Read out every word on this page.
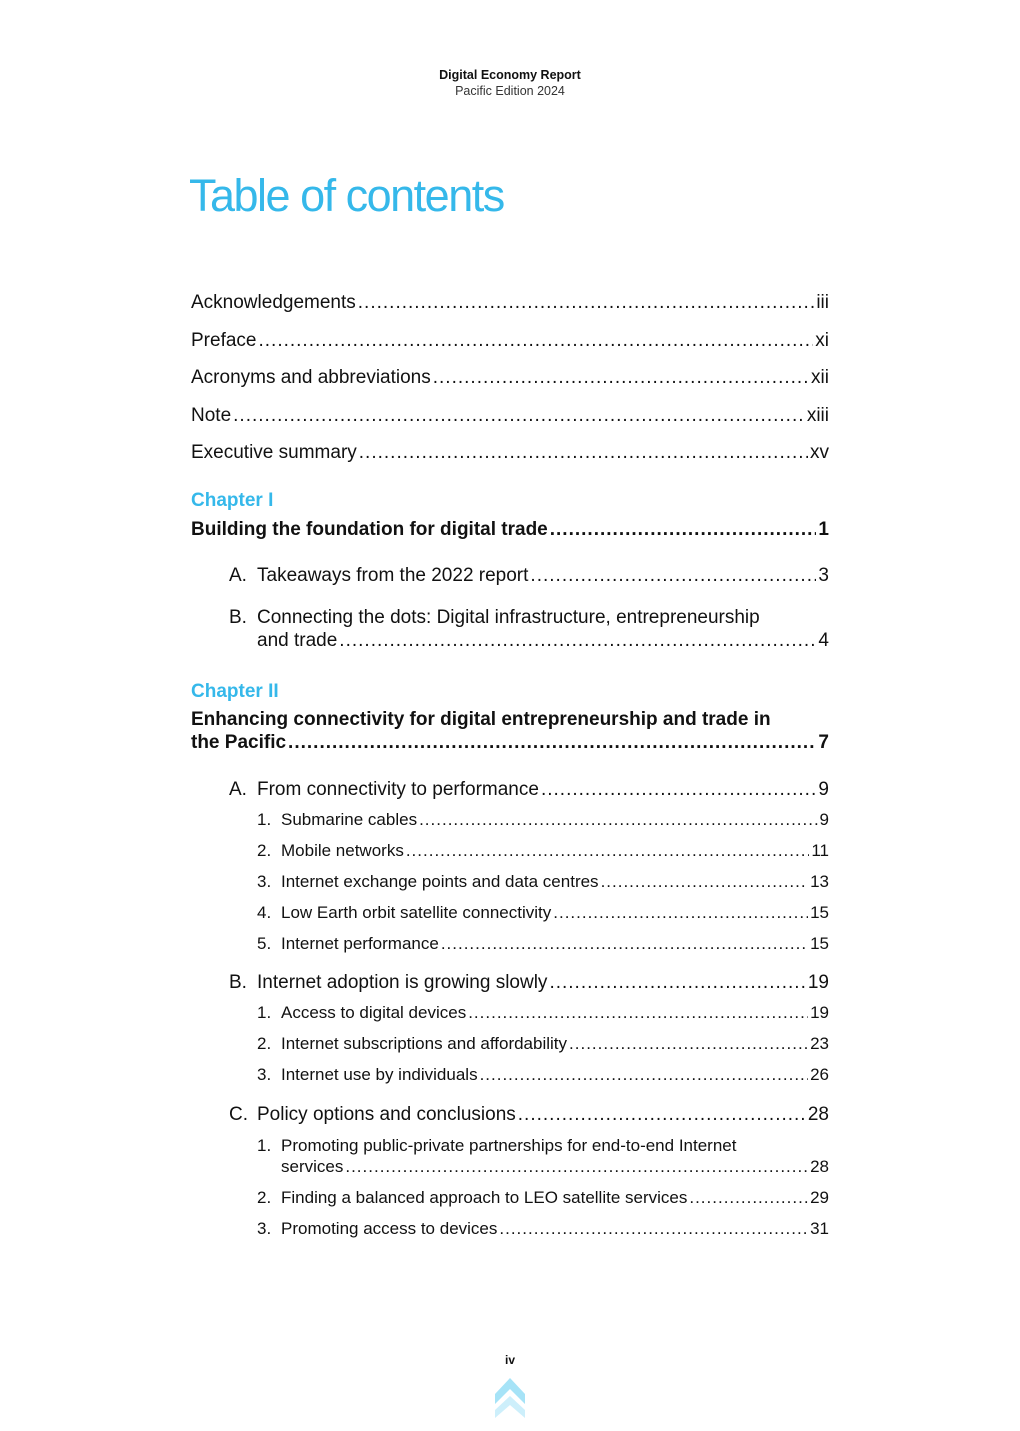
Digital Economy Report
Pacific Edition 2024
Table of contents
Acknowledgements .....	iii
Preface .....	xi
Acronyms and abbreviations .....	xii
Note .....	xiii
Executive summary .....	xv
Chapter I
Building the foundation for digital trade .....	1
A. Takeaways from the 2022 report .....	3
B. Connecting the dots: Digital infrastructure, entrepreneurship
and trade .....	4
Chapter II
Enhancing connectivity for digital entrepreneurship and trade in
the Pacific .....	7
A. From connectivity to performance .....	9
1. Submarine cables .....	9
2. Mobile networks .....	11
3. Internet exchange points and data centres .....	13
4. Low Earth orbit satellite connectivity .....	15
5. Internet performance .....	15
B. Internet adoption is growing slowly .....	19
1. Access to digital devices .....	19
2. Internet subscriptions and affordability .....	23
3. Internet use by individuals .....	26
C. Policy options and conclusions .....	28
1. Promoting public-private partnerships for end-to-end Internet
services .....	28
2. Finding a balanced approach to LEO satellite services .....	29
3. Promoting access to devices .....	31
iv
